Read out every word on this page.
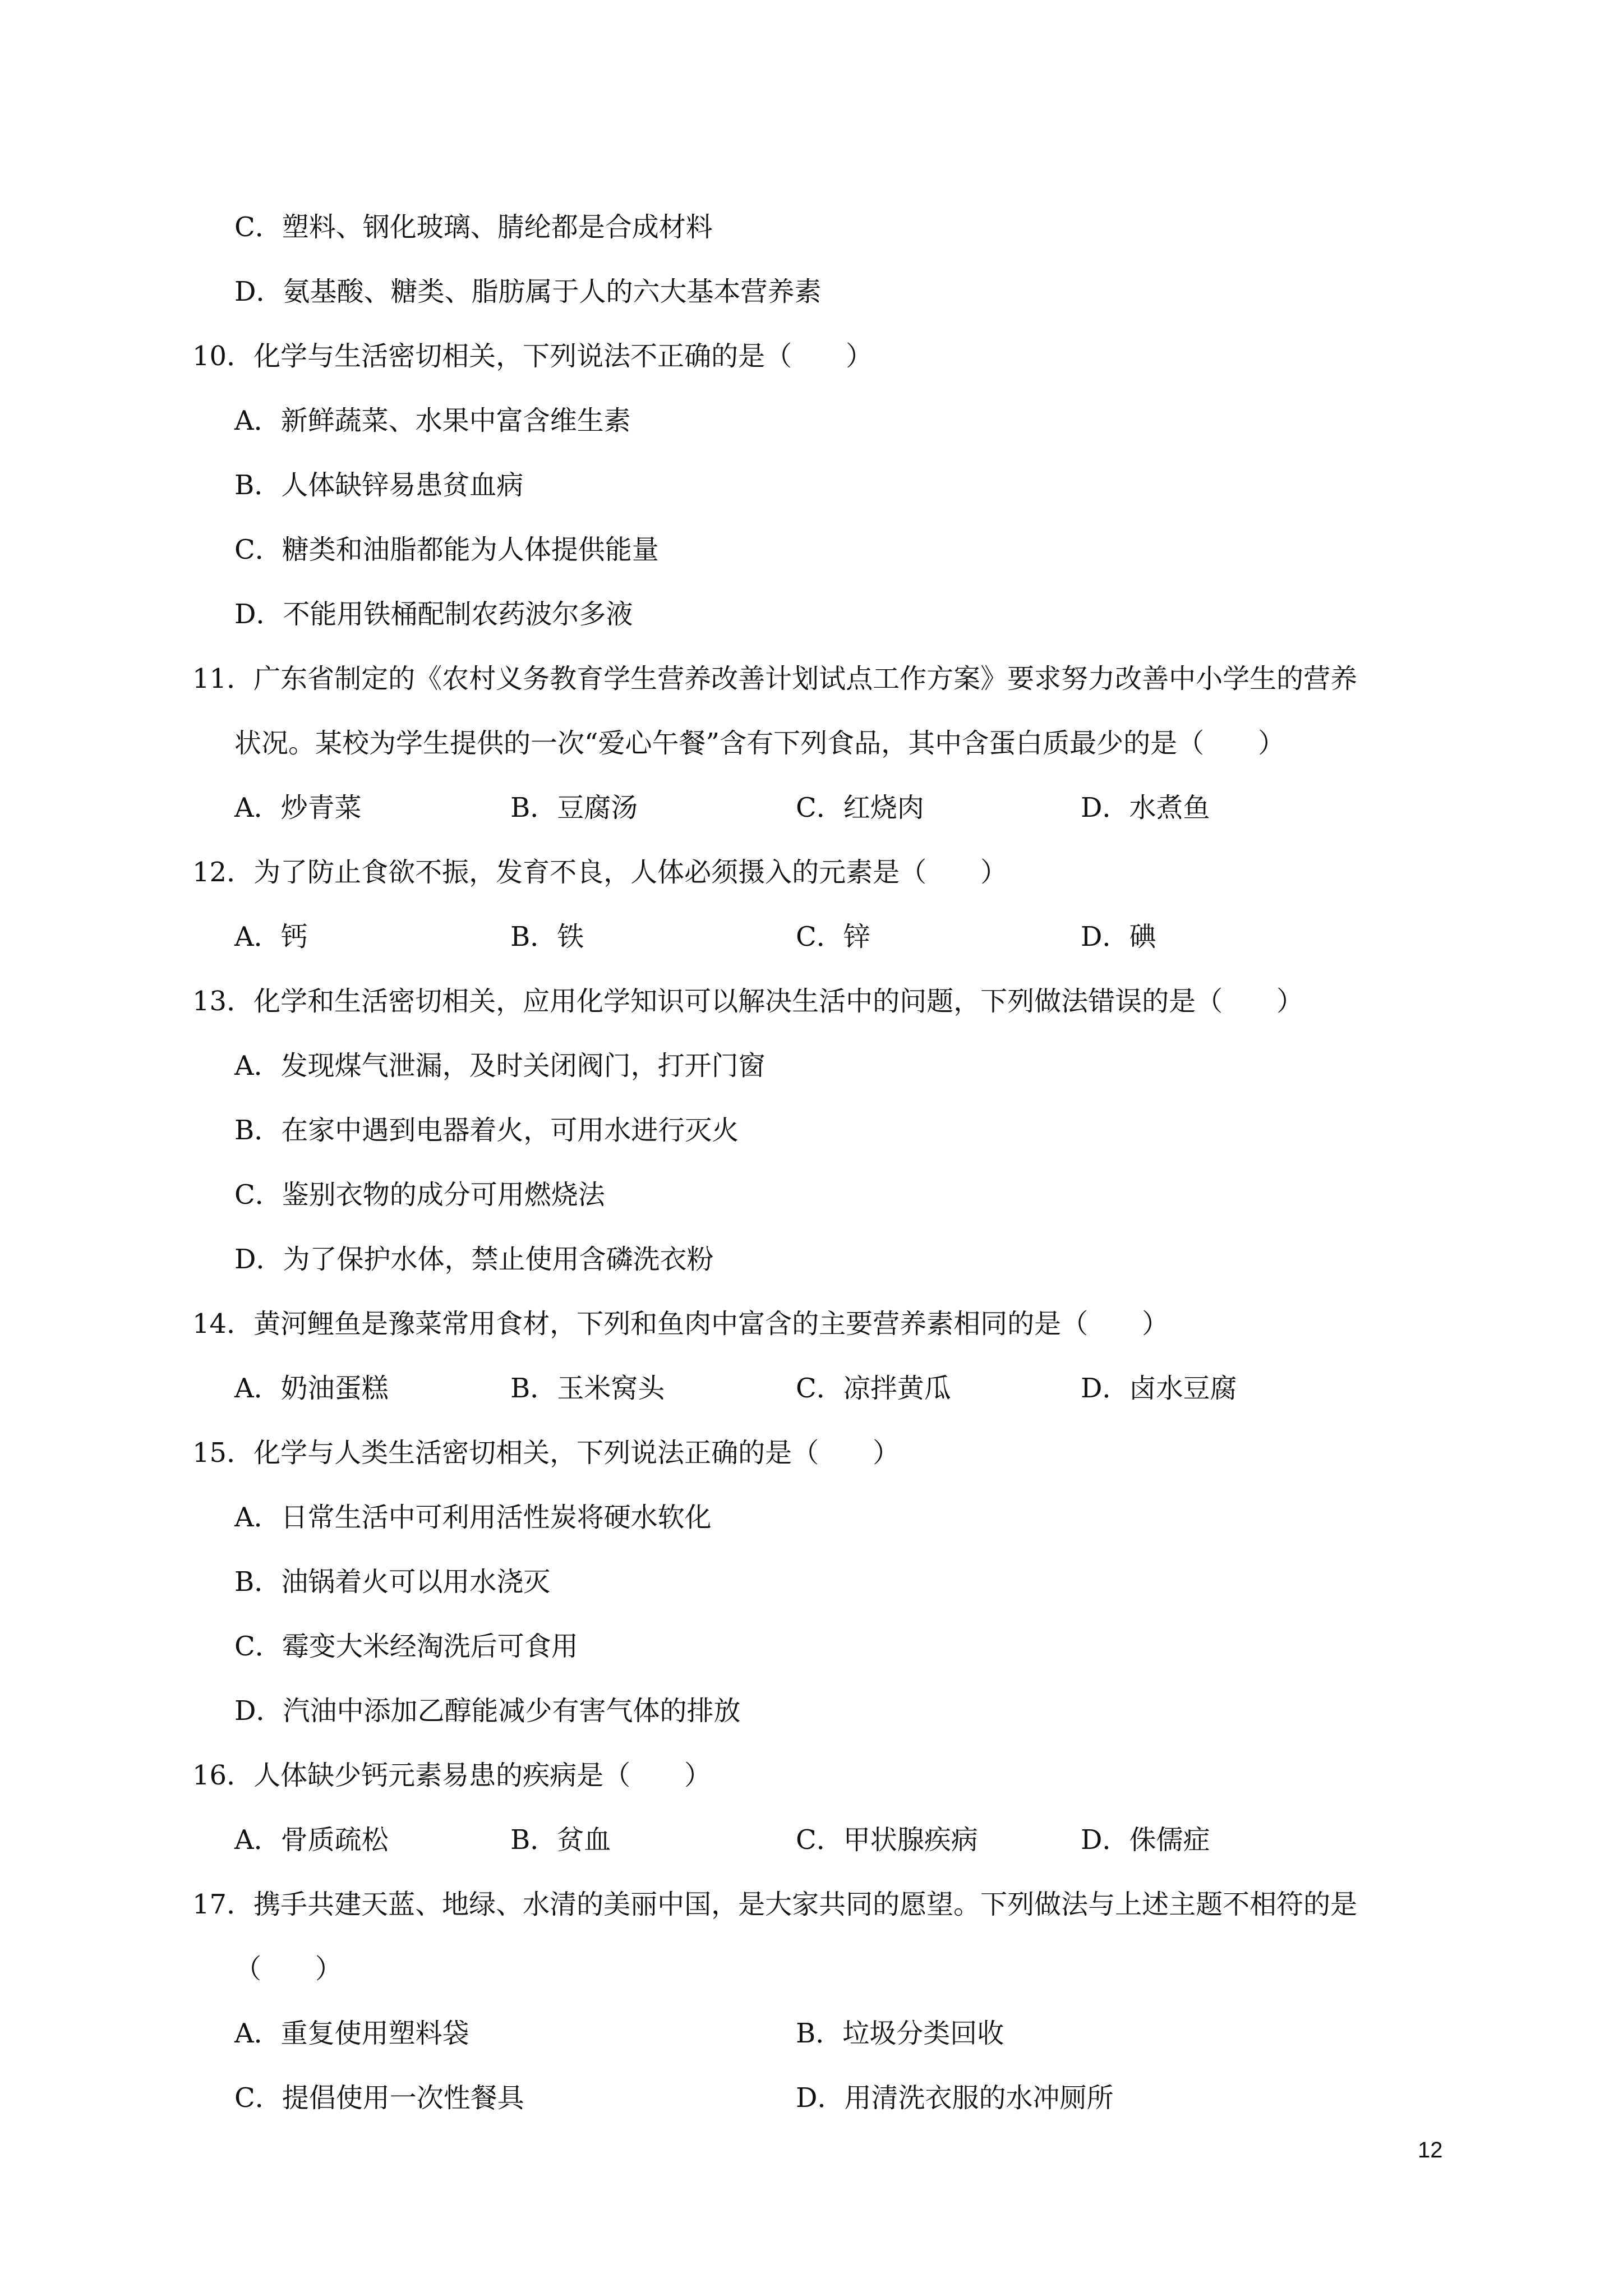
C．塑料、钢化玻璃、腈纶都是合成材料
D．氨基酸、糖类、脂肪属于人的六大基本营养素
10．化学与生活密切相关，下列说法不正确的是（　　）
A．新鲜蔬菜、水果中富含维生素
B．人体缺锌易患贫血病
C．糖类和油脂都能为人体提供能量
D．不能用铁桶配制农药波尔多液
11．广东省制定的《农村义务教育学生营养改善计划试点工作方案》要求努力改善中小学生的营养
状况。某校为学生提供的一次“爱心午餐”含有下列食品，其中含蛋白质最少的是（　　）
A．炒青菜	B．豆腐汤	C．红烧肉	D．水煮鱼
12．为了防止食欲不振，发育不良，人体必须摄入的元素是（　　）
A．钙	B．铁	C．锌	D．碘
13．化学和生活密切相关，应用化学知识可以解决生活中的问题，下列做法错误的是（　　）
A．发现煤气泄漏，及时关闭阀门，打开门窗
B．在家中遇到电器着火，可用水进行灭火
C．鉴别衣物的成分可用燃烧法
D．为了保护水体，禁止使用含磷洗衣粉
14．黄河鲤鱼是豫菜常用食材，下列和鱼肉中富含的主要营养素相同的是（　　）
A．奶油蛋糕	B．玉米窝头	C．凉拌黄瓜	D．卤水豆腐
15．化学与人类生活密切相关，下列说法正确的是（　　）
A．日常生活中可利用活性炭将硬水软化
B．油锅着火可以用水浇灭
C．霉变大米经淘洗后可食用
D．汽油中添加乙醇能减少有害气体的排放
16．人体缺少钙元素易患的疾病是（　　）
A．骨质疏松	B．贫血	C．甲状腺疾病	D．侏儒症
17．携手共建天蓝、地绿、水清的美丽中国，是大家共同的愿望。下列做法与上述主题不相符的是
（　　）
A．重复使用塑料袋	B．垃圾分类回收
C．提倡使用一次性餐具	D．用清洗衣服的水冲厕所
12
